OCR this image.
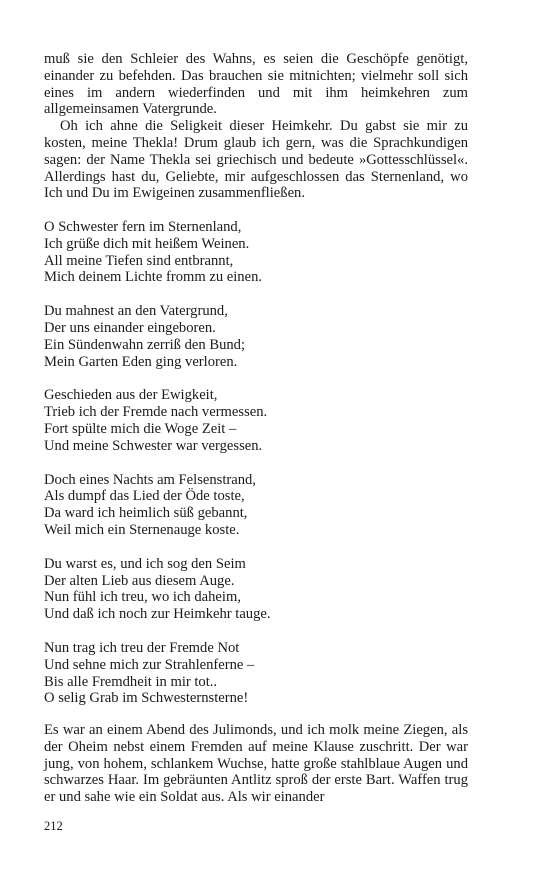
muß sie den Schleier des Wahns, es seien die Geschöpfe genötigt, einander zu befehden. Das brauchen sie mitnichten; vielmehr soll sich eines im andern wiederfinden und mit ihm heimkehren zum allgemeinsamen Vatergrunde.

Oh ich ahne die Seligkeit dieser Heimkehr. Du gabst sie mir zu kosten, meine Thekla! Drum glaub ich gern, was die Sprachkundigen sagen: der Name Thekla sei griechisch und bedeute »Gottesschlüssel«. Allerdings hast du, Geliebte, mir aufgeschlossen das Sternenland, wo Ich und Du im Ewigeinen zusammenfließen.

O Schwester fern im Sternenland,
Ich grüße dich mit heißem Weinen.
All meine Tiefen sind entbrannt,
Mich deinem Lichte fromm zu einen.
Du mahnest an den Vatergrund,
Der uns einander eingeboren.
Ein Sündenwahn zerriß den Bund;
Mein Garten Eden ging verloren.
Geschieden aus der Ewigkeit,
Trieb ich der Fremde nach vermessen.
Fort spülte mich die Woge Zeit –
Und meine Schwester war vergessen.
Doch eines Nachts am Felsenstrand,
Als dumpf das Lied der Öde toste,
Da ward ich heimlich süß gebannt,
Weil mich ein Sternenauge koste.
Du warst es, und ich sog den Seim
Der alten Lieb aus diesem Auge.
Nun fühl ich treu, wo ich daheim,
Und daß ich noch zur Heimkehr tauge.
Nun trag ich treu der Fremde Not
Und sehne mich zur Strahlenferne –
Bis alle Fremdheit in mir tot..
O selig Grab im Schwesternsterne!

Es war an einem Abend des Julimonds, und ich molk meine Ziegen, als der Oheim nebst einem Fremden auf meine Klause zuschritt. Der war jung, von hohem, schlankem Wuchse, hatte große stahlblaue Augen und schwarzes Haar. Im gebräunten Antlitz sproß der erste Bart. Waffen trug er und sahe wie ein Soldat aus. Als wir einander

212
